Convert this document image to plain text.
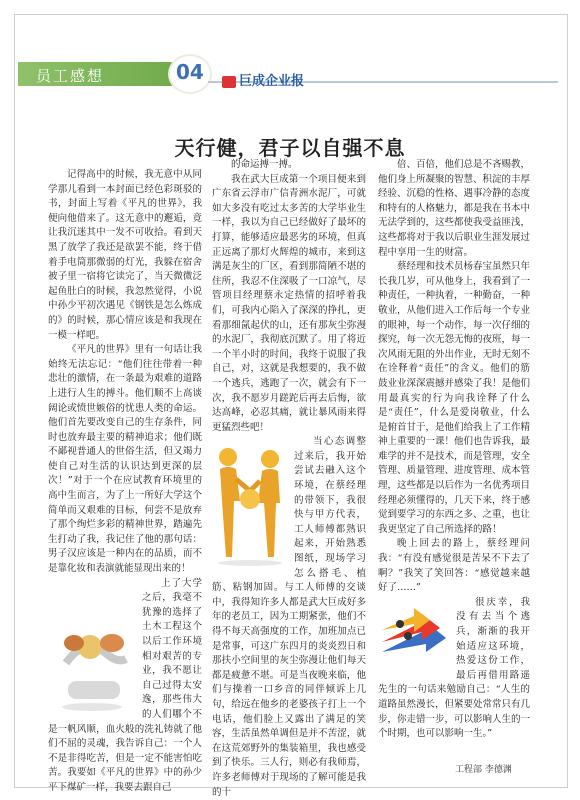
员工感想	04	巨成企业报
天行健，君子以自强不息

记得高中的时候，我无意中从同学那儿看到一本封面已经色彩斑驳的书，封面上写着《平凡的世界》，我便向他借来了。这无意中的邂逅，竟让我沉迷其中一发不可收拾。看到天黑了放学了我还是欲罢不能，终于借着手电筒那微弱的灯光，我躲在宿舍被子里一宿将它读完了，当天微微泛起鱼肚白的时候，我忽然觉得，小说中孙少平初次遇见《钢铁是怎么炼成的》的时候，那心情应该是和我现在一模一样吧。

《平凡的世界》里有一句话让我始终无法忘记：“他们往往带着一种悲壮的激情，在一条最为艰难的道路上进行人生的搏斗。他们顺不上高谈阔论或愤世嫉俗的忧患人类的命运。他们首先要改变自己的生存条件，同时也放弃最主要的精神追求；他们既不鄙视普通人的世俗生活，但又竭力使自己对生活的认识达到更深的层次！”对于一个在应试教育环境里的高中生而言，为了上一所好大学这个简单而又艰难的目标，何尝不是放弃了那个绚烂多彩的精神世界，踏遍先生打动了我，我记住了他的那句话：男子汉应该是一种内在的品质，而不是靠化妆和表演就能显现出来的！

上了大学之后，我毫不犹豫的选择了土木工程这个以后工作环境相对艰苦的专业，我不愿让自己过得太安逸，那些伟大的人们哪个不是一帆风顺，血火般的洗礼铸就了他们不屈的灵魂，我告诉自己：一个人不是非得吃苦，但是一定不能害怕吃苦。我要如《平凡的世界》中的孙少平下煤矿一样，我要去跟自己

的命运搏一搏。

我在武大巨成第一个项目便来到广东省云浮市广信青洲水泥厂，可就如大多没有吃过太多苦的大学毕业生一样，我以为自己已经做好了最坏的打算，能够适应最恶劣的环境，但真正远离了那灯火辉煌的城市，来到这满是灰尘的厂区，看到那简陋不堪的住所，我忍不住深吸了一口凉气，尽管项目经理蔡永定热情的招呼着我们，可我内心陷入了深深的挣扎，更看那细氤起伏的山，还有那灰尘弥漫的水泥厂，我彻底沉默了。用了将近一个半小时的时间，我终于说服了我自己，对，这就是我想要的，我不做一个逃兵，逃跑了一次，就会有下一次，我不愿岁月蹉跎后再去后悔，欲达高峰，必忍其痛，就让暴风雨来得更猛烈些吧！

当心态调整过来后，我开始尝试去融入这个环境，在蔡经理的带领下，我很快与甲方代表，工人师傅都熟识起来，开始熟悉图纸，现场学习怎么搭毛、植筋、粘钢加固。与工人师傅的交谈中，我得知许多人都是武大巨成好多年的老员工，因为工期紧张，他们不得不每天高强度的工作，加班加点已是常事，可这广东四月的炎炎烈日和那扶小空间里的灰尘弥漫让他们每天都是疲惫不堪。可是当夜晚来临，他们与操着一口乡音的同伴倾诉上几句，给远在他乡的老婆孩子打上一个电话，他们脸上又露出了满足的笑容，生活虽然单调但是并不苦涩，就在这荒郊野外的集装箱里，我也感受到了快乐。三人行，则必有我师焉，许多老师傅对于现场的了解可能是我的十

倍、百倍，他们总是不吝赐教，他们身上所凝聚的智慧、积淀的丰厚经验、沉稳的性格、遇事冷静的态度和特有的人格魅力，都是我在书本中无法学到的，这些都使我受益匪浅，这些都将对于我以后职业生涯发展过程中享用一生的财富。

蔡经理和技术员杨春宝虽然只年长我几岁，可从他身上，我看到了一种责任，一种执着，一种勤奋，一种敬业，从他们进入工作后每一个专业的眼神，每一个动作，每一次仔细的探究，每一次无怨无悔的夜班，每一次风雨无阻的外出作业，无时无刻不在诠释着“责任”的含义。他们的筋鼓业业深深震撼并感染了我！是他们用最真实的行为向我诠释了什么是“责任”，什么是爱岗敬业，什么是俯首甘于，是他们给我上了工作精神上重要的一课！他们也告诉我，最难学的并不是技术，而是管理，安全管理、质量管理、进度管理、成本管理，这些都是以后作为一名优秀项目经理必须懂得的，几天下来，终于感觉到要学习的东西之多、之重，也让我更坚定了自己所选择的路！

晚上回去的路上，蔡经理问我：“有没有感觉很是苦呆不下去了啊？”我笑了笑回答：“感觉越来越好了……”

很庆幸，我没有去当个逃兵，渐渐的我开始适应这环境，热爱这份工作，最后再借用路遥先生的一句话来勉励自己：“人生的道路虽然漫长，但紧要处常常只有几步，你走错一步，可以影响人生的一个时期，也可以影响一生。”

工程部 李德渊
